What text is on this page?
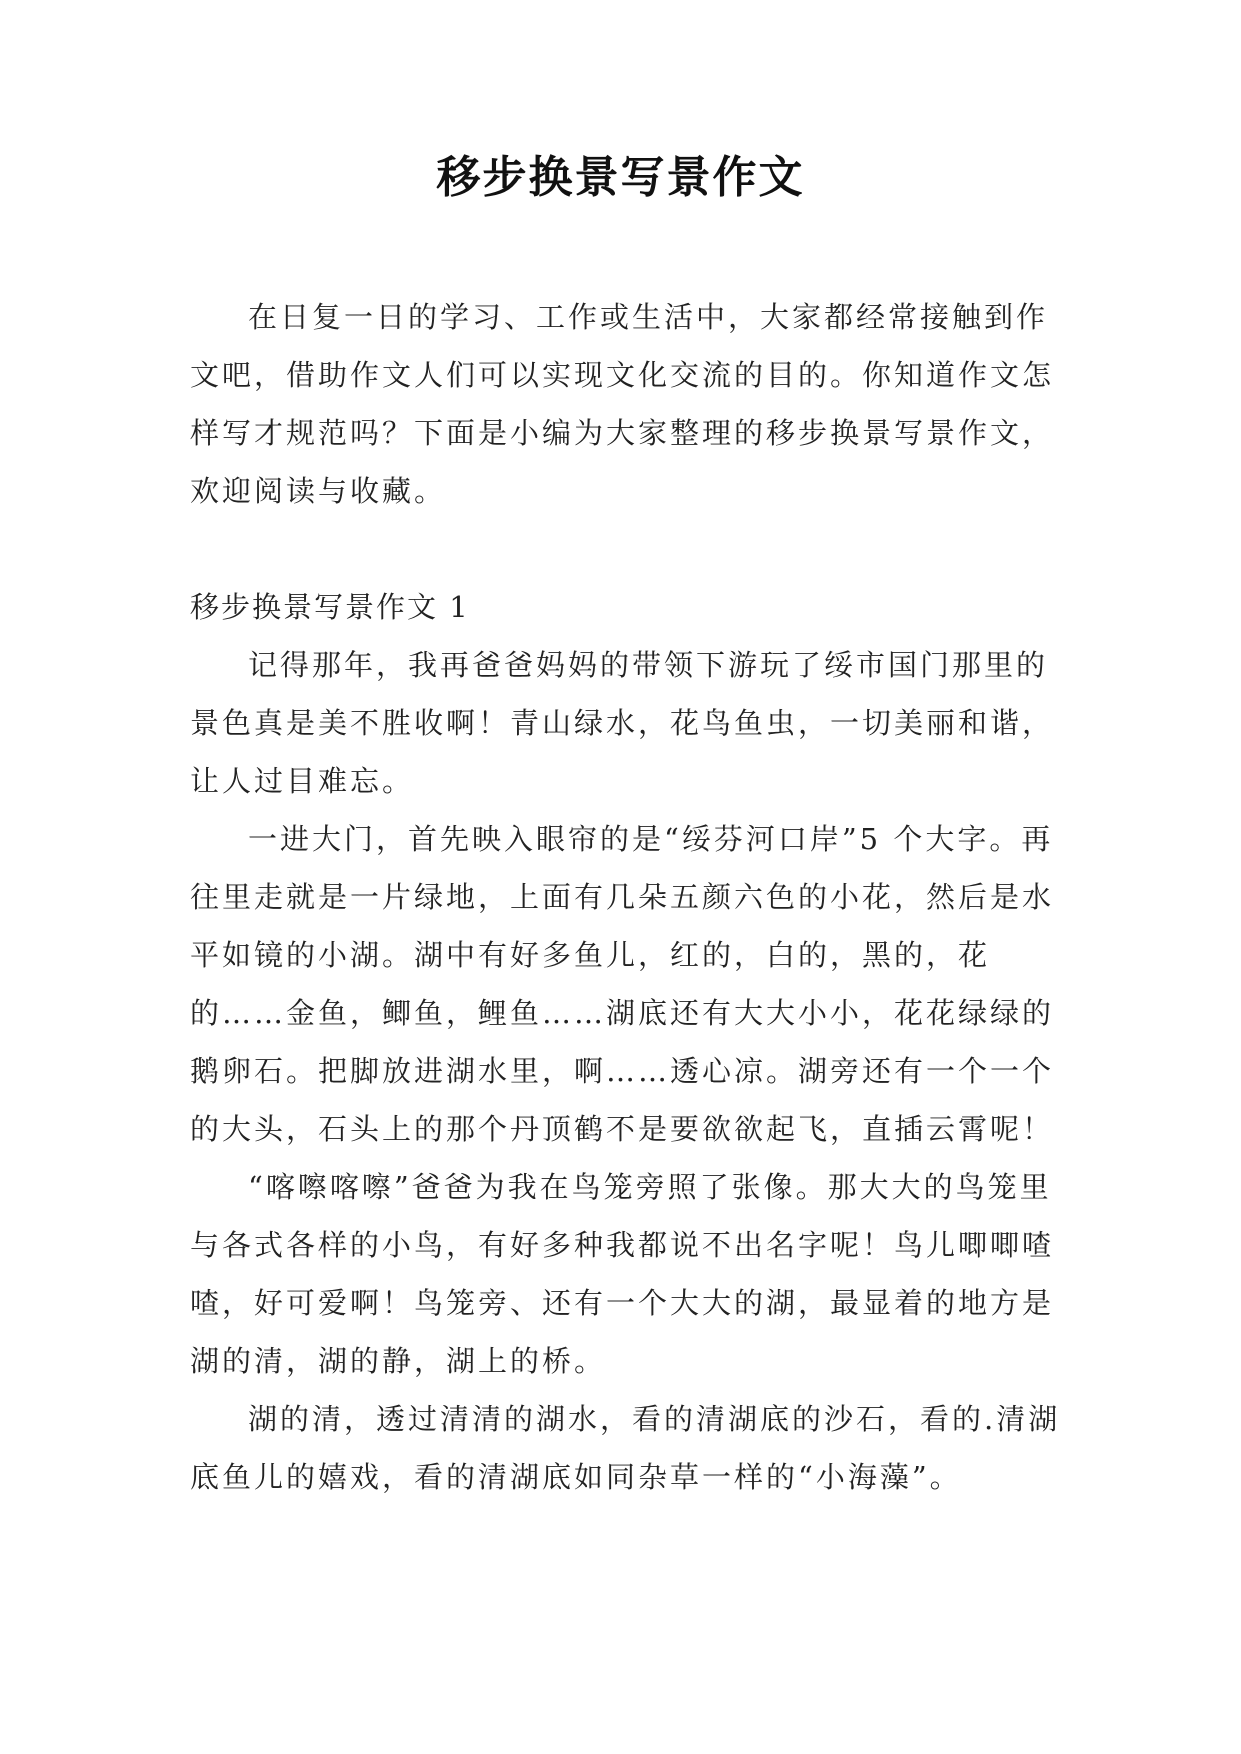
移步换景写景作文

在日复一日的学习、工作或生活中，大家都经常接触到作文吧，借助作文人们可以实现文化交流的目的。你知道作文怎样写才规范吗？下面是小编为大家整理的移步换景写景作文，欢迎阅读与收藏。

移步换景写景作文 1

记得那年，我再爸爸妈妈的带领下游玩了绥市国门那里的景色真是美不胜收啊！青山绿水，花鸟鱼虫，一切美丽和谐，让人过目难忘。

一进大门，首先映入眼帘的是“绥芬河口岸”5 个大字。再往里走就是一片绿地，上面有几朵五颜六色的小花，然后是水平如镜的小湖。湖中有好多鱼儿，红的，白的，黑的，花的……金鱼，鲫鱼，鲤鱼……湖底还有大大小小，花花绿绿的鹅卵石。把脚放进湖水里，啊……透心凉。湖旁还有一个一个的大头，石头上的那个丹顶鹤不是要欲欲起飞，直插云霄呢！

“喀嚓喀嚓”爸爸为我在鸟笼旁照了张像。那大大的鸟笼里与各式各样的小鸟，有好多种我都说不出名字呢！鸟儿唧唧喳喳，好可爱啊！鸟笼旁、还有一个大大的湖，最显着的地方是湖的清，湖的静，湖上的桥。

湖的清，透过清清的湖水，看的清湖底的沙石，看的.清湖底鱼儿的嬉戏，看的清湖底如同杂草一样的“小海藻”。
